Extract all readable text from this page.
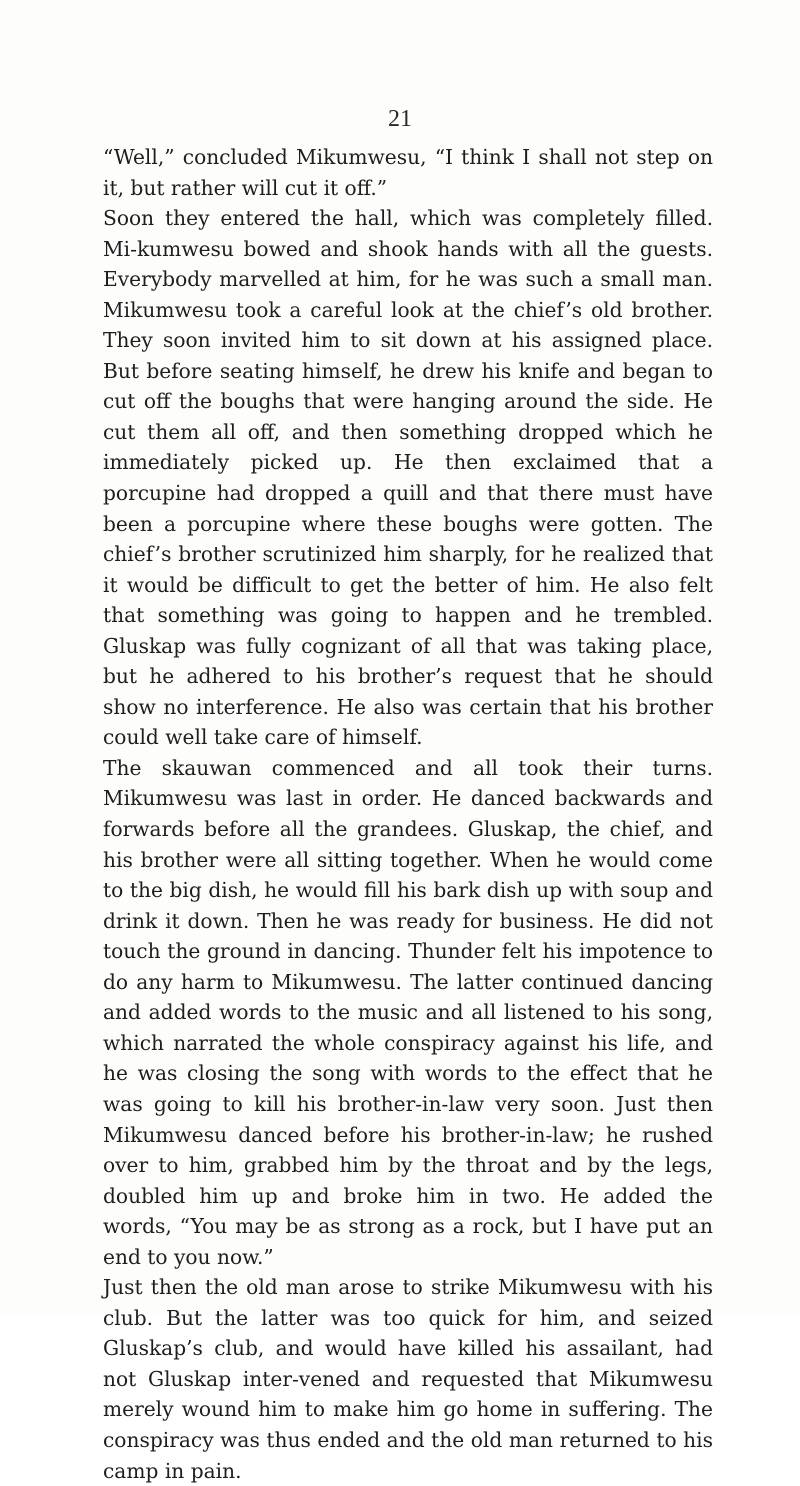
21

“Well,” concluded Mikumwesu, “I think I shall not step on it, but rather will cut it off.”

Soon they entered the hall, which was completely filled. Mi-kumwesu bowed and shook hands with all the guests. Everybody marvelled at him, for he was such a small man. Mikumwesu took a careful look at the chief’s old brother. They soon invited him to sit down at his assigned place. But before seating himself, he drew his knife and began to cut off the boughs that were hanging around the side. He cut them all off, and then something dropped which he immediately picked up. He then exclaimed that a porcupine had dropped a quill and that there must have been a porcupine where these boughs were gotten. The chief’s brother scrutinized him sharply, for he realized that it would be difficult to get the better of him. He also felt that something was going to happen and he trembled. Gluskap was fully cognizant of all that was taking place, but he adhered to his brother’s request that he should show no interference. He also was certain that his brother could well take care of himself.

The skauwan commenced and all took their turns. Mikumwesu was last in order. He danced backwards and forwards before all the grandees. Gluskap, the chief, and his brother were all sitting together. When he would come to the big dish, he would fill his bark dish up with soup and drink it down. Then he was ready for business. He did not touch the ground in dancing. Thunder felt his impotence to do any harm to Mikumwesu. The latter continued dancing and added words to the music and all listened to his song, which narrated the whole conspiracy against his life, and he was closing the song with words to the effect that he was going to kill his brother-in-law very soon. Just then Mikumwesu danced before his brother-in-law; he rushed over to him, grabbed him by the throat and by the legs, doubled him up and broke him in two. He added the words, “You may be as strong as a rock, but I have put an end to you now.”

Just then the old man arose to strike Mikumwesu with his club. But the latter was too quick for him, and seized Gluskap’s club, and would have killed his assailant, had not Gluskap inter-vened and requested that Mikumwesu merely wound him to make him go home in suffering. The conspiracy was thus ended and the old man returned to his camp in pain.
